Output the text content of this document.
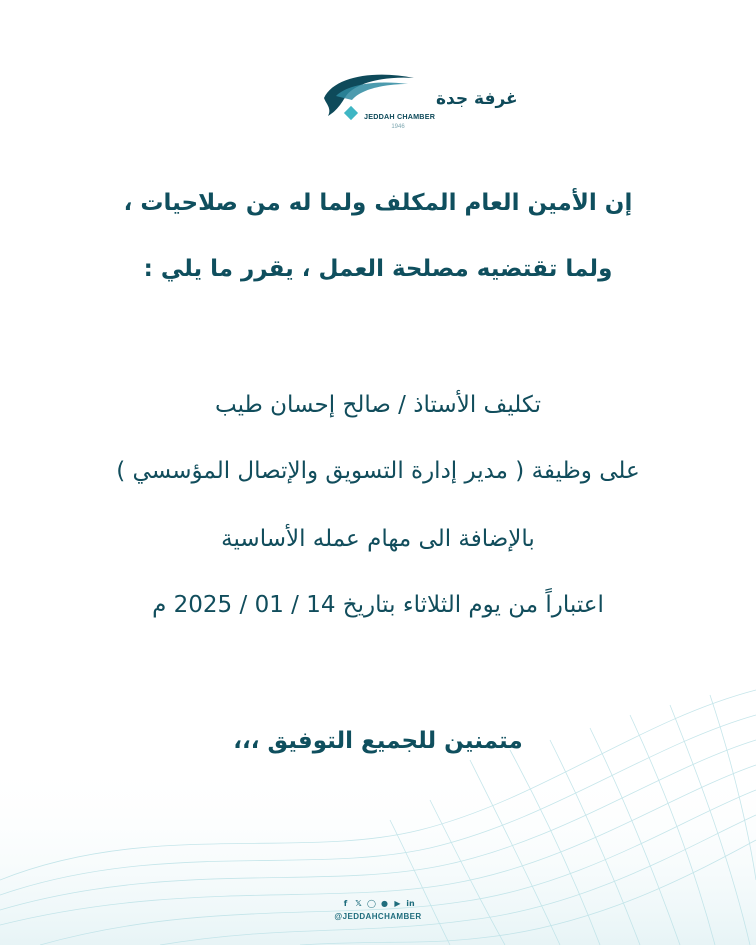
غرفة جدة
JEDDAH CHAMBER
1946
إن الأمين العام المكلف ولما له من صلاحيات ،
ولما تقتضيه مصلحة العمل ، يقرر ما يلي :
تكليف الأستاذ / صالح إحسان طيب
على وظيفة ( مدير إدارة التسويق والإتصال المؤسسي )
بالإضافة الى مهام عمله الأساسية
اعتباراً من يوم الثلاثاء بتاريخ 14 / 01 / 2025 م
متمنين للجميع التوفيق ،،،
f	𝕏 ◯ ● ▶ in
@JEDDAHCHAMBER
